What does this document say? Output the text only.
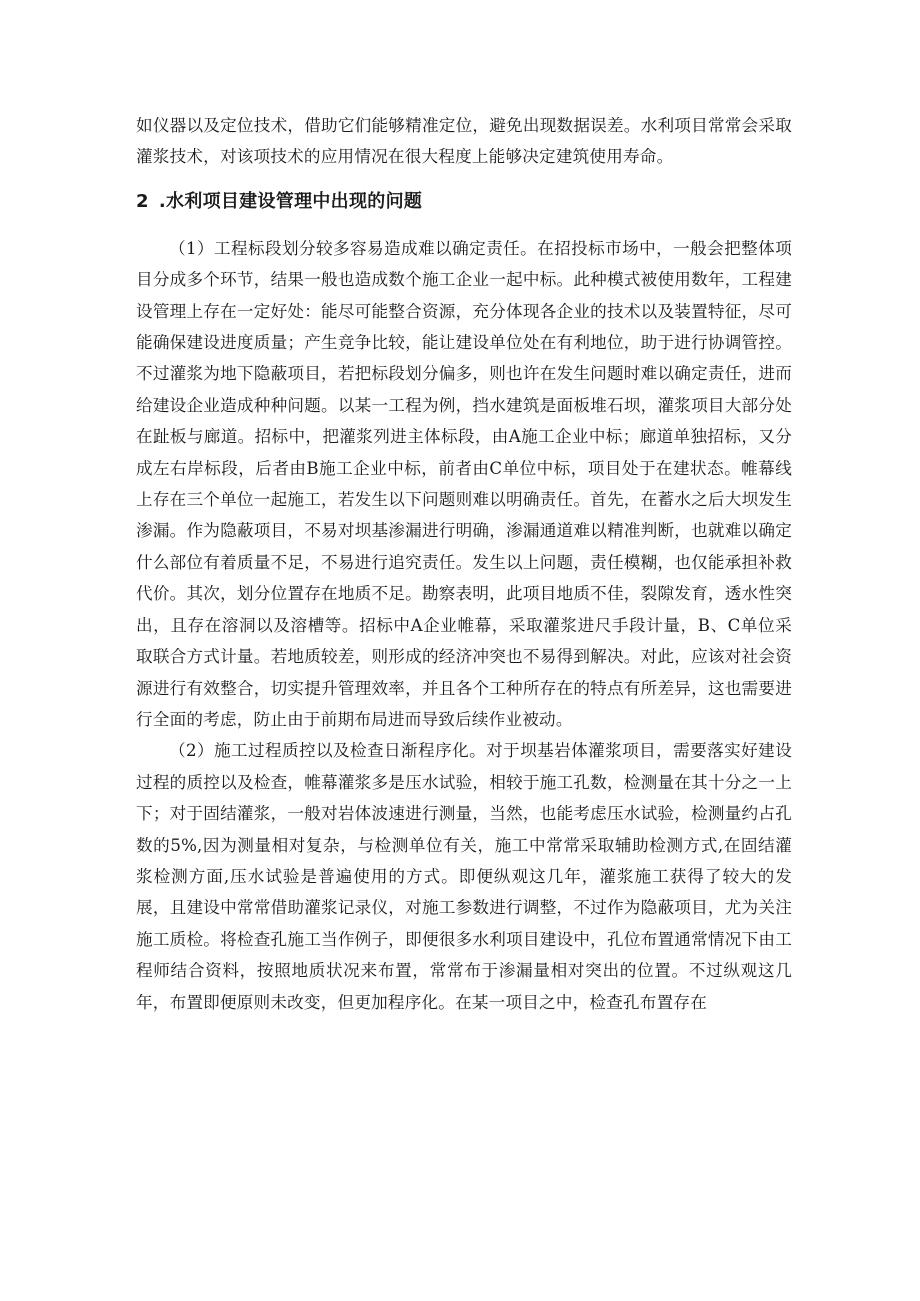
如仪器以及定位技术，借助它们能够精准定位，避免出现数据误差。水利项目常常会采取灌浆技术，对该项技术的应用情况在很大程度上能够决定建筑使用寿命。

2 .水利项目建设管理中出现的问题

（1）工程标段划分较多容易造成难以确定责任。在招投标市场中，一般会把整体项目分成多个环节，结果一般也造成数个施工企业一起中标。此种模式被使用数年，工程建设管理上存在一定好处：能尽可能整合资源，充分体现各企业的技术以及装置特征，尽可能确保建设进度质量；产生竞争比较，能让建设单位处在有利地位，助于进行协调管控。不过灌浆为地下隐蔽项目，若把标段划分偏多，则也许在发生问题时难以确定责任，进而给建设企业造成种种问题。以某一工程为例，挡水建筑是面板堆石坝，灌浆项目大部分处在趾板与廊道。招标中，把灌浆列进主体标段，由A施工企业中标；廊道单独招标，又分成左右岸标段，后者由B施工企业中标，前者由C单位中标，项目处于在建状态。帷幕线上存在三个单位一起施工，若发生以下问题则难以明确责任。首先，在蓄水之后大坝发生渗漏。作为隐蔽项目，不易对坝基渗漏进行明确，渗漏通道难以精准判断，也就难以确定什么部位有着质量不足，不易进行追究责任。发生以上问题，责任模糊，也仅能承担补救代价。其次，划分位置存在地质不足。勘察表明，此项目地质不佳，裂隙发育，透水性突出，且存在溶洞以及溶槽等。招标中A企业帷幕，采取灌浆进尺手段计量，B、C单位采取联合方式计量。若地质较差，则形成的经济冲突也不易得到解决。对此，应该对社会资源进行有效整合，切实提升管理效率，并且各个工种所存在的特点有所差异，这也需要进行全面的考虑，防止由于前期布局进而导致后续作业被动。

（2）施工过程质控以及检查日渐程序化。对于坝基岩体灌浆项目，需要落实好建设过程的质控以及检查，帷幕灌浆多是压水试验，相较于施工孔数，检测量在其十分之一上下；对于固结灌浆，一般对岩体波速进行测量，当然，也能考虑压水试验，检测量约占孔数的5%,因为测量相对复杂，与检测单位有关，施工中常常采取辅助检测方式,在固结灌浆检测方面,压水试验是普遍使用的方式。即便纵观这几年，灌浆施工获得了较大的发展，且建设中常常借助灌浆记录仪，对施工参数进行调整，不过作为隐蔽项目，尤为关注施工质检。将检查孔施工当作例子，即便很多水利项目建设中，孔位布置通常情况下由工程师结合资料，按照地质状况来布置，常常布于渗漏量相对突出的位置。不过纵观这几年，布置即便原则未改变，但更加程序化。在某一项目之中，检查孔布置存在
